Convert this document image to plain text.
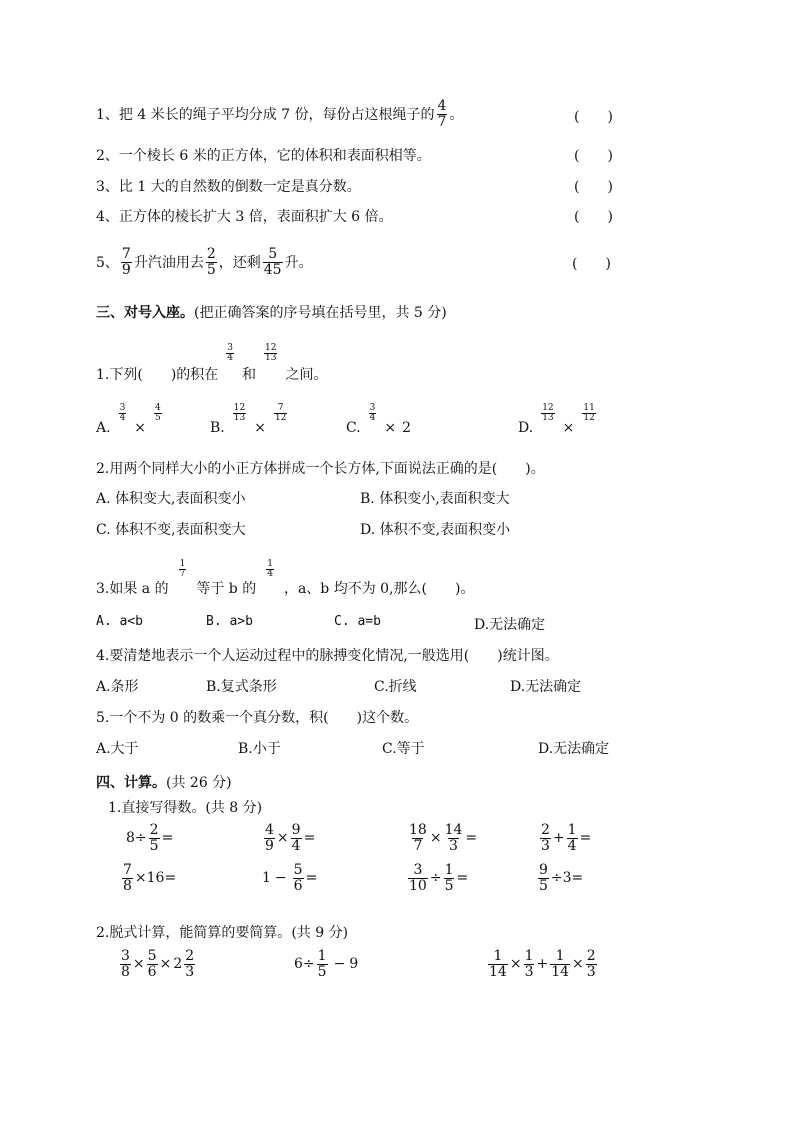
1、把 4 米长的绳子平均分成 7 份，每份占这根绳子的 $\frac{4}{7}$ 。	(　　)
2、一个棱长 6 米的正方体，它的体积和表面积相等。	(　　)
3、比 1 大的自然数的倒数一定是真分数。	(　　)
4、正方体的棱长扩大 3 倍，表面积扩大 6 倍。	(　　)
5、 $\frac{7}{9}$ 升汽油用去 $\frac{2}{5}$ ，还剩 $\frac{5}{45}$ 升。	(　　)
三、对号入座。(把正确答案的序号填在括号里，共 5 分)
1.下列(　　)的积在
$\frac{3}{4}$
和
$\frac{12}{13}$
之间。
A.
$\frac{3}{4}$
×
$\frac{4}{5}$
B.
$\frac{12}{13}$
×
$\frac{7}{12}$
C.
$\frac{3}{4}$
× 2	D.
$\frac{12}{13}$
×
$\frac{11}{12}$
2.用两个同样大小的小正方体拼成一个长方体,下面说法正确的是(　　)。
A. 体积变大,表面积变小	B. 体积变小,表面积变大
C. 体积不变,表面积变大	D. 体积不变,表面积变小
3.如果 a 的
$\frac{1}{7}$
等于 b 的
$\frac{1}{4}$
，a、b 均不为 0,那么(　　)。
A. a<b	B. a>b	C. a=b	D.无法确定
4.要清楚地表示一个人运动过程中的脉搏变化情况,一般选用(　　)统计图。
A.条形	B.复式条形	C.折线	D.无法确定
5.一个不为 0 的数乘一个真分数，积(　　)这个数。
A.大于	B.小于	C.等于	D.无法确定
四、计算。(共 26 分)
1.直接写得数。(共 8 分)
$8 \div \frac{2}{5}$ =	$\frac{4}{9} \times \frac{9}{4}$ =	$\frac{18}{7} \times \frac{14}{3}$ =	$\frac{2}{3} + \frac{1}{4}$ =
$\frac{7}{8} \times 16=$	$1 - \frac{5}{6}$ =	$\frac{3}{10} \div \frac{1}{5}$ =	$\frac{9}{5} \div 3=$
2.脱式计算，能简算的要简算。(共 9 分)
$\frac{3}{8} \times \frac{5}{6} \times 2 \frac{2}{3}$	$6 \div \frac{1}{5} - 9$	$\frac{1}{14} \times \frac{1}{3} + \frac{1}{14} \times \frac{2}{3}$
